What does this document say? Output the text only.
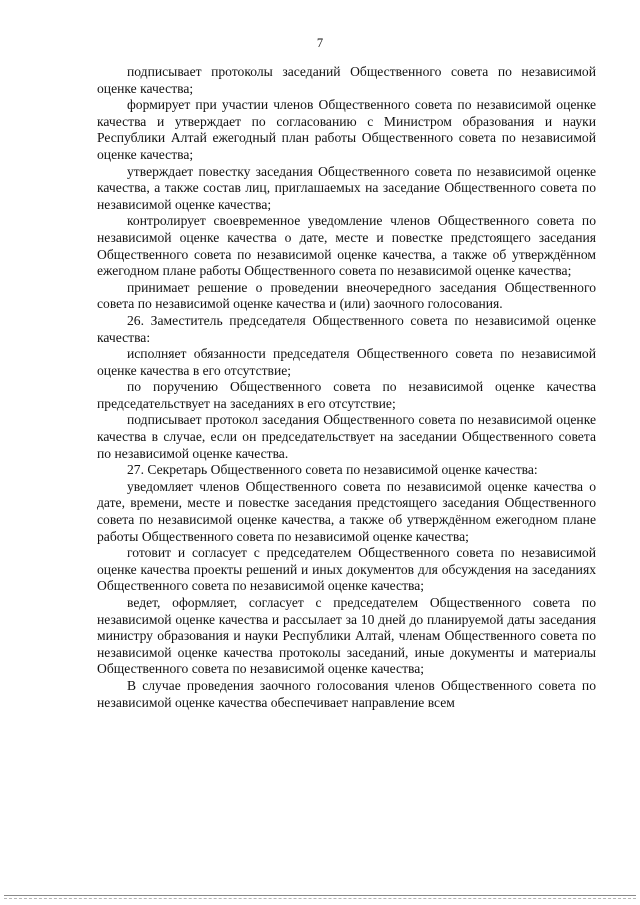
7

подписывает протоколы заседаний Общественного совета по независимой оценке качества;

формирует при участии членов Общественного совета по независимой оценке качества и утверждает по согласованию с Министром образования и науки Республики Алтай ежегодный план работы Общественного совета по независимой оценке качества;

утверждает повестку заседания Общественного совета по независимой оценке качества, а также состав лиц, приглашаемых на заседание Общественного совета по независимой оценке качества;

контролирует своевременное уведомление членов Общественного совета по независимой оценке качества о дате, месте и повестке предстоящего заседания Общественного совета по независимой оценке качества, а также об утверждённом ежегодном плане работы Общественного совета по независимой оценке качества;

принимает решение о проведении внеочередного заседания Общественного совета по независимой оценке качества и (или) заочного голосования.

26. Заместитель председателя Общественного совета по независимой оценке качества:

исполняет обязанности председателя Общественного совета по независимой оценке качества в его отсутствие;

по поручению Общественного совета по независимой оценке качества председательствует на заседаниях в его отсутствие;

подписывает протокол заседания Общественного совета по независимой оценке качества в случае, если он председательствует на заседании Общественного совета по независимой оценке качества.

27. Секретарь Общественного совета по независимой оценке качества:

уведомляет членов Общественного совета по независимой оценке качества о дате, времени, месте и повестке заседания предстоящего заседания Общественного совета по независимой оценке качества, а также об утверждённом ежегодном плане работы Общественного совета по независимой оценке качества;

готовит и согласует с председателем Общественного совета по независимой оценке качества проекты решений и иных документов для обсуждения на заседаниях Общественного совета по независимой оценке качества;

ведет, оформляет, согласует с председателем Общественного совета по независимой оценке качества и рассылает за 10 дней до планируемой даты заседания министру образования и науки Республики Алтай, членам Общественного совета по независимой оценке качества протоколы заседаний, иные документы и материалы Общественного совета по независимой оценке качества;

В случае проведения заочного голосования членов Общественного совета по независимой оценке качества обеспечивает направление всем
